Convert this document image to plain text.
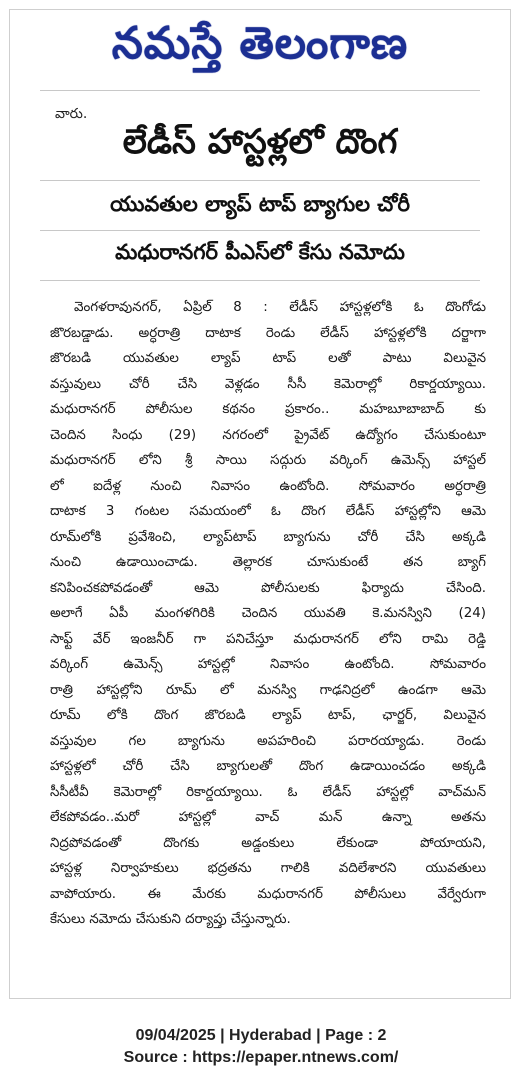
నమస్తే తెలంగాణ
వారు.
లేడీస్ హాస్టళ్లలో దొంగ
యువతుల ల్యాప్ టాప్ బ్యాగుల చోరీ
మధురానగర్ పీఎస్‌లో కేసు నమోదు
వెంగళరావునగర్, ఏప్రిల్ 8 : లేడీస్ హాస్టళ్లలోకి ఓ దొంగోడు
జొరబడ్డాడు. అర్ధరాత్రి దాటాక రెండు లేడీస్ హాస్టళ్లలోకి దర్జాగా
జొరబడి యువతుల ల్యాప్ టాప్ లతో పాటు విలువైన
వస్తువులు చోరీ చేసి వెళ్లడం సీసీ కెమెరాల్లో రికార్డయ్యాయి.
మధురానగర్ పోలీసుల కథనం ప్రకారం.. మహబూబాబాద్ కు
చెందిన సింధు (29) నగరంలో ప్రైవేట్ ఉద్యోగం చేసుకుంటూ
మధురానగర్ లోని శ్రీ సాయి సద్గురు వర్కింగ్ ఉమెన్స్ హాస్టల్
లో ఐదేళ్ల నుంచి నివాసం ఉంటోంది. సోమవారం అర్ధరాత్రి
దాటాక 3 గంటల సమయంలో ఓ దొంగ లేడీస్ హాస్టల్లోని ఆమె
రూమ్‌లోకి ప్రవేశించి, ల్యాప్‌టాప్ బ్యాగును చోరీ చేసి అక్కడి
నుంచి ఉడాయించాడు. తెల్లారక చూసుకుంటే తన బ్యాగ్
కనిపించకపోవడంతో ఆమె పోలీసులకు ఫిర్యాదు చేసింది.
అలాగే ఏపీ మంగళగిరికి చెందిన యువతి కె.మనస్విని (24)
సాఫ్ట్ వేర్ ఇంజనీర్ గా పనిచేస్తూ మధురానగర్ లోని రామి రెడ్డి
వర్కింగ్ ఉమెన్స్ హాస్టల్లో నివాసం ఉంటోంది. సోమవారం
రాత్రి హాస్టల్లోని రూమ్ లో మనస్వి గాఢనిద్రలో ఉండగా ఆమె
రూమ్ లోకి దొంగ జొరబడి ల్యాప్ టాప్, ఛార్జర్, విలువైన
వస్తువుల గల బ్యాగును అపహరించి పరారయ్యాడు. రెండు
హాస్టళ్లలో చోరీ చేసి బ్యాగులతో దొంగ ఉడాయించడం అక్కడి
సీసీటీవీ కెమెరాల్లో రికార్డయ్యాయి. ఓ లేడీస్ హాస్టల్లో వాచ్‌మన్
లేకపోవడం..మరో హాస్టల్లో వాచ్ మన్ ఉన్నా అతను
నిద్రపోవడంతో దొంగకు అడ్డంకులు లేకుండా పోయాయని,
హాస్టళ్ల నిర్వాహకులు భద్రతను గాలికి వదిలేశారని యువతులు
వాపోయారు. ఈ మేరకు మధురానగర్ పోలీసులు వేర్వేరుగా
కేసులు నమోదు చేసుకుని దర్యాప్తు చేస్తున్నారు.
09/04/2025 | Hyderabad | Page : 2
Source : https://epaper.ntnews.com/
